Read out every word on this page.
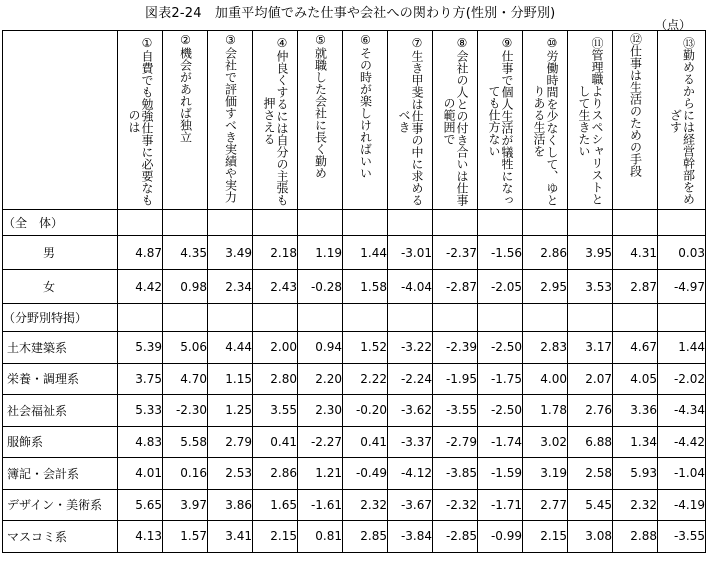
図表2-24　加重平均値でみた仕事や会社への関わり方(性別・分野別)
（点）

	①自費でも勉強仕事に必要なものは	②機会があれば独立	③会社で評価すべき実績や実力	④仲良くするには自分の主張も押さえる	⑤就職した会社に長く勤め	⑥その時が楽しければいい	⑦生き甲斐は仕事の中に求めるべき	⑧会社の人との付き合いは仕事の範囲で	⑨仕事で個人生活が犠牲になっても仕方ない	⑩労働時間を少なくして、ゆとりある生活を	⑪管理職よりスペシャリストとして生きたい	⑫仕事は生活のための手段	⑬勤めるからには経営幹部をめざす

（全　体）													
男	4.87	4.35	3.49	2.18	1.19	1.44	-3.01	-2.37	-1.56	2.86	3.95	4.31	0.03
女	4.42	0.98	2.34	2.43	-0.28	1.58	-4.04	-2.87	-2.05	2.95	3.53	2.87	-4.97
（分野別特掲）													
土木建築系	5.39	5.06	4.44	2.00	0.94	1.52	-3.22	-2.39	-2.50	2.83	3.17	4.67	1.44
栄養・調理系	3.75	4.70	1.15	2.80	2.20	2.22	-2.24	-1.95	-1.75	4.00	2.07	4.05	-2.02
社会福祉系	5.33	-2.30	1.25	3.55	2.30	-0.20	-3.62	-3.55	-2.50	1.78	2.76	3.36	-4.34
服飾系	4.83	5.58	2.79	0.41	-2.27	0.41	-3.37	-2.79	-1.74	3.02	6.88	1.34	-4.42
簿記・会計系	4.01	0.16	2.53	2.86	1.21	-0.49	-4.12	-3.85	-1.59	3.19	2.58	5.93	-1.04
デザイン・美術系	5.65	3.97	3.86	1.65	-1.61	2.32	-3.67	-2.32	-1.71	2.77	5.45	2.32	-4.19
マスコミ系	4.13	1.57	3.41	2.15	0.81	2.85	-3.84	-2.85	-0.99	2.15	3.08	2.88	-3.55
